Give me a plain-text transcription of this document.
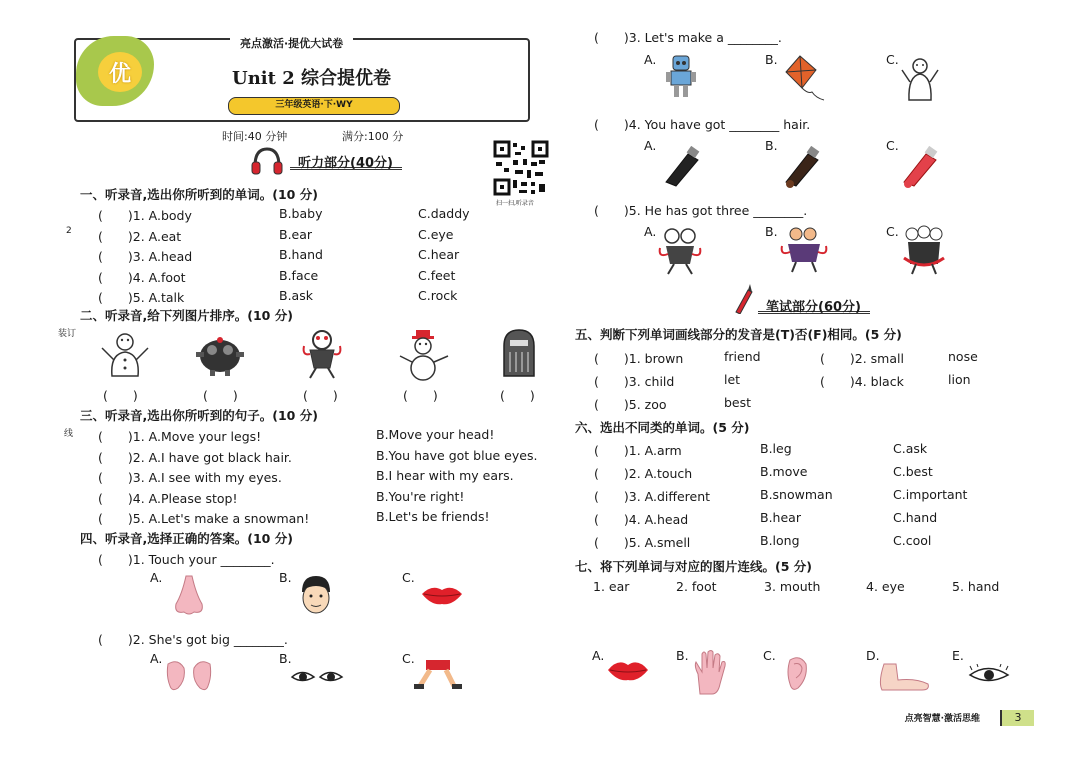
2
装订
线
优
亮点激活·提优大试卷
Unit 2 综合提优卷
三年级英语·下·WY
时间:40 分钟	满分:100 分
扫一扫,听录音
听力部分(40分)
一、听录音,选出你所听到的单词。(10 分)
(　　)1. A.body	B.baby	C.daddy
(　　)2. A.eat	B.ear	C.eye
(　　)3. A.head	B.hand	C.hear
(　　)4. A.foot	B.face	C.feet
(　　)5. A.talk	B.ask	C.rock
二、听录音,给下列图片排序。(10 分)
(　　)	(　　)	(　　)	(　　)	(　　)
三、听录音,选出你所听到的句子。(10 分)
(　　)1. A.Move your legs!	B.Move your head!
(　　)2. A.I have got black hair.	B.You have got blue eyes.
(　　)3. A.I see with my eyes.	B.I hear with my ears.
(　　)4. A.Please stop!	B.You're right!
(　　)5. A.Let's make a snowman!	B.Let's be friends!
四、听录音,选择正确的答案。(10 分)
(　　)1. Touch your ________.
A.	B.	C.
(　　)2. She's got big ________.
A.	B.	C.
(　　)3. Let's make a ________.
A.	B.	C.
(　　)4. You have got ________ hair.
A.	B.	C.
(　　)5. He has got three ________.
A.	B.	C.
笔试部分(60分)
五、判断下列单词画线部分的发音是(T)否(F)相同。(5 分)
(　　)1. brown	friend	(　　)2. small	nose
(　　)3. child	let	(　　)4. black	lion
(　　)5. zoo	best
六、选出不同类的单词。(5 分)
(　　)1. A.arm	B.leg	C.ask
(　　)2. A.touch	B.move	C.best
(　　)3. A.different	B.snowman	C.important
(　　)4. A.head	B.hear	C.hand
(　　)5. A.smell	B.long	C.cool
七、将下列单词与对应的图片连线。(5 分)
1. ear	2. foot	3. mouth	4. eye	5. hand
A.	B.	C.	D.	E.
点亮智慧·激活思维	3
